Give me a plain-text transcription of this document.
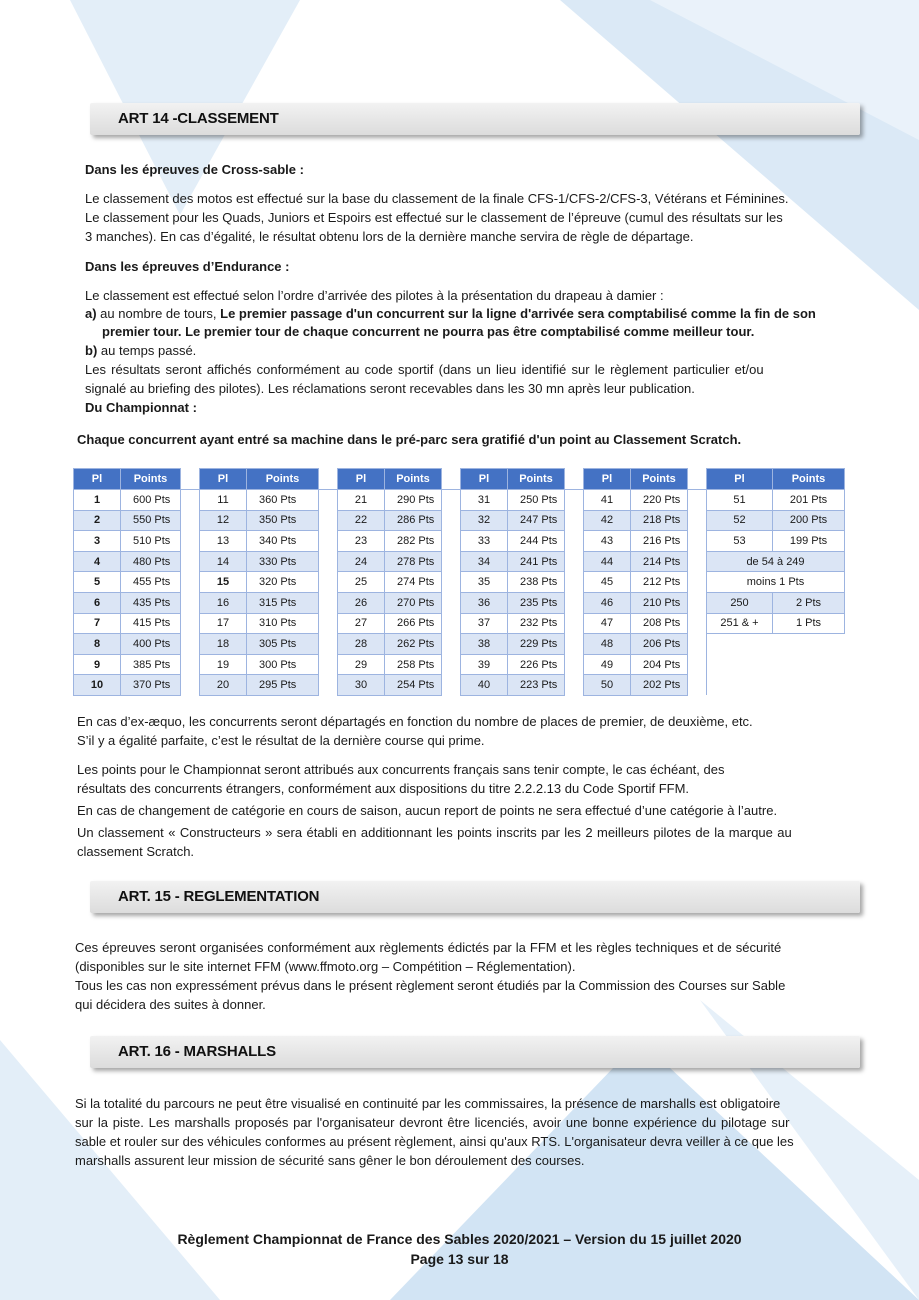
ART 14 -CLASSEMENT

Dans les épreuves de Cross-sable :

Le classement des motos est effectué sur la base du classement de la finale CFS-1/CFS-2/CFS-3, Vétérans et Féminines.

Le classement pour les Quads, Juniors et Espoirs est effectué sur le classement de l’épreuve (cumul des résultats sur les

3 manches). En cas d’égalité, le résultat obtenu lors de la dernière manche servira de règle de départage.

Dans les épreuves d’Endurance :

Le classement est effectué selon l’ordre d’arrivée des pilotes à la présentation du drapeau à damier :

a) au nombre de tours, Le premier passage d'un concurrent sur la ligne d'arrivée sera comptabilisé comme la fin de son

premier tour. Le premier tour de chaque concurrent ne pourra pas être comptabilisé comme meilleur tour.

b) au temps passé.

Les résultats seront affichés conformément au code sportif (dans un lieu identifié sur le règlement particulier et/ou

signalé au briefing des pilotes). Les réclamations seront recevables dans les 30 mn après leur publication.

Du Championnat :

Chaque concurrent ayant entré sa machine dans le pré-parc sera gratifié d'un point au Classement Scratch.

Pl	Points		Pl	Points		Pl	Points		Pl	Points		Pl	Points		Pl	Points
1	600 Pts		11	360 Pts		21	290 Pts		31	250 Pts		41	220 Pts		51	201 Pts
2	550 Pts		12	350 Pts		22	286 Pts		32	247 Pts		42	218 Pts		52	200 Pts
3	510 Pts		13	340 Pts		23	282 Pts		33	244 Pts		43	216 Pts		53	199 Pts
4	480 Pts		14	330 Pts		24	278 Pts		34	241 Pts		44	214 Pts		de 54 à 249	
5	455 Pts		15	320 Pts		25	274 Pts		35	238 Pts		45	212 Pts		moins 1 Pts	
6	435 Pts		16	315 Pts		26	270 Pts		36	235 Pts		46	210 Pts		250	2 Pts
7	415 Pts		17	310 Pts		27	266 Pts		37	232 Pts		47	208 Pts		251 & +	1 Pts
8	400 Pts		18	305 Pts		28	262 Pts		38	229 Pts		48	206 Pts			
9	385 Pts		19	300 Pts		29	258 Pts		39	226 Pts		49	204 Pts			
10	370 Pts		20	295 Pts		30	254 Pts		40	223 Pts		50	202 Pts			

En cas d’ex-æquo, les concurrents seront départagés en fonction du nombre de places de premier, de deuxième, etc.

S’il y a égalité parfaite, c’est le résultat de la dernière course qui prime.

Les points pour le Championnat seront attribués aux concurrents français sans tenir compte, le cas échéant, des

résultats des concurrents étrangers, conformément aux dispositions du titre 2.2.2.13 du Code Sportif FFM.

En cas de changement de catégorie en cours de saison, aucun report de points ne sera effectué d’une catégorie à l’autre.

Un classement « Constructeurs » sera établi en additionnant les points inscrits par les 2 meilleurs pilotes de la marque au

classement Scratch.

ART. 15 - REGLEMENTATION

Ces épreuves seront organisées conformément aux règlements édictés par la FFM et les règles techniques et de sécurité

(disponibles sur le site internet FFM (www.ffmoto.org – Compétition – Réglementation).

Tous les cas non expressément prévus dans le présent règlement seront étudiés par la Commission des Courses sur Sable

qui décidera des suites à donner.

ART. 16 - MARSHALLS

Si la totalité du parcours ne peut être visualisé en continuité par les commissaires, la présence de marshalls est obligatoire

sur la piste. Les marshalls proposés par l'organisateur devront être licenciés, avoir une bonne expérience du pilotage sur

sable et rouler sur des véhicules conformes au présent règlement, ainsi qu'aux RTS. L'organisateur devra veiller à ce que les

marshalls assurent leur mission de sécurité sans gêner le bon déroulement des courses.

Règlement Championnat de France des Sables 2020/2021 – Version du 15 juillet 2020
Page 13 sur 18
